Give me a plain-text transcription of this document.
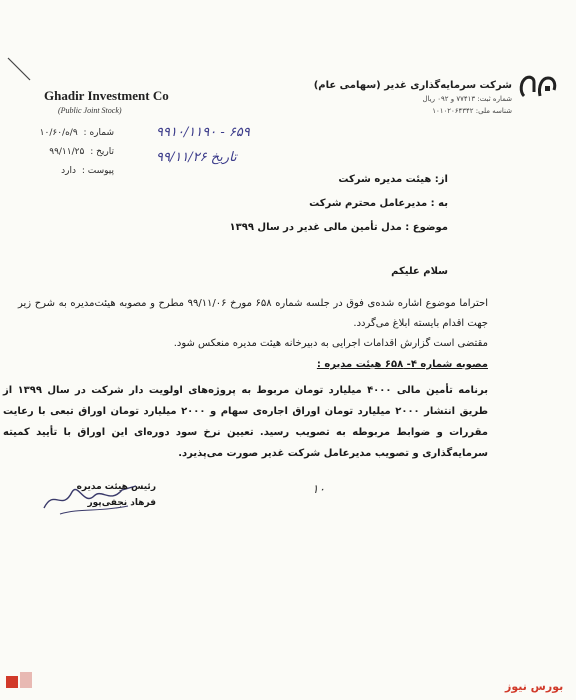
Ghadir Investment Co
(Public Joint Stock)
شماره : ۹/ه/۱۰/۶۰
تاریخ : ۹۹/۱۱/۲۵
پیوست : دارد
۹۹۱۰/۱۱۹۰ - ۶۵۹
تاریخ ۹۹/۱۱/۲۶
شرکت سرمایه‌گذاری غدیر (سهامی عام)
شماره ثبت: ۷۷۴۱۳ و ۰۹۲ ریال
شناسه ملی: ۱۰۱۰۲۰۶۴۳۴۲
از: هیئت مدیره شرکت
به : مدیرعامل محترم شرکت
موضوع : مدل تأمین مالی غدیر در سال ۱۳۹۹
سلام علیکم
احتراما موضوع اشاره شده‌ی فوق در جلسه شماره ۶۵۸ مورخ ۹۹/۱۱/۰۶ مطرح و مصوبه هیئت‌مدیره به شرح زیر جهت اقدام بایسته ابلاغ می‌گردد.
مقتضی است گزارش اقدامات اجرایی به دبیرخانه هیئت مدیره منعکس شود.
مصوبه شماره ۴- ۶۵۸ هیئت مدیره :
برنامه تأمین مالی ۴۰۰۰ میلیارد تومان مربوط به پروژه‌های اولویت دار شرکت در سال ۱۳۹۹ از طریق انتشار ۲۰۰۰ میلیارد تومان اوراق اجاره‌ی سهام و ۲۰۰۰ میلیارد تومان اوراق تبعی با رعایت مقررات و ضوابط مربوطه به تصویب رسید. تعیین نرخ سود دوره‌ای این اوراق با تأیید کمیته سرمایه‌گذاری و تصویب مدیرعامل شرکت غدیر صورت می‌پذیرد.
۱۰
رئیس هیئت مدیره
فرهاد نجفی‌پور
بورس نیوز
